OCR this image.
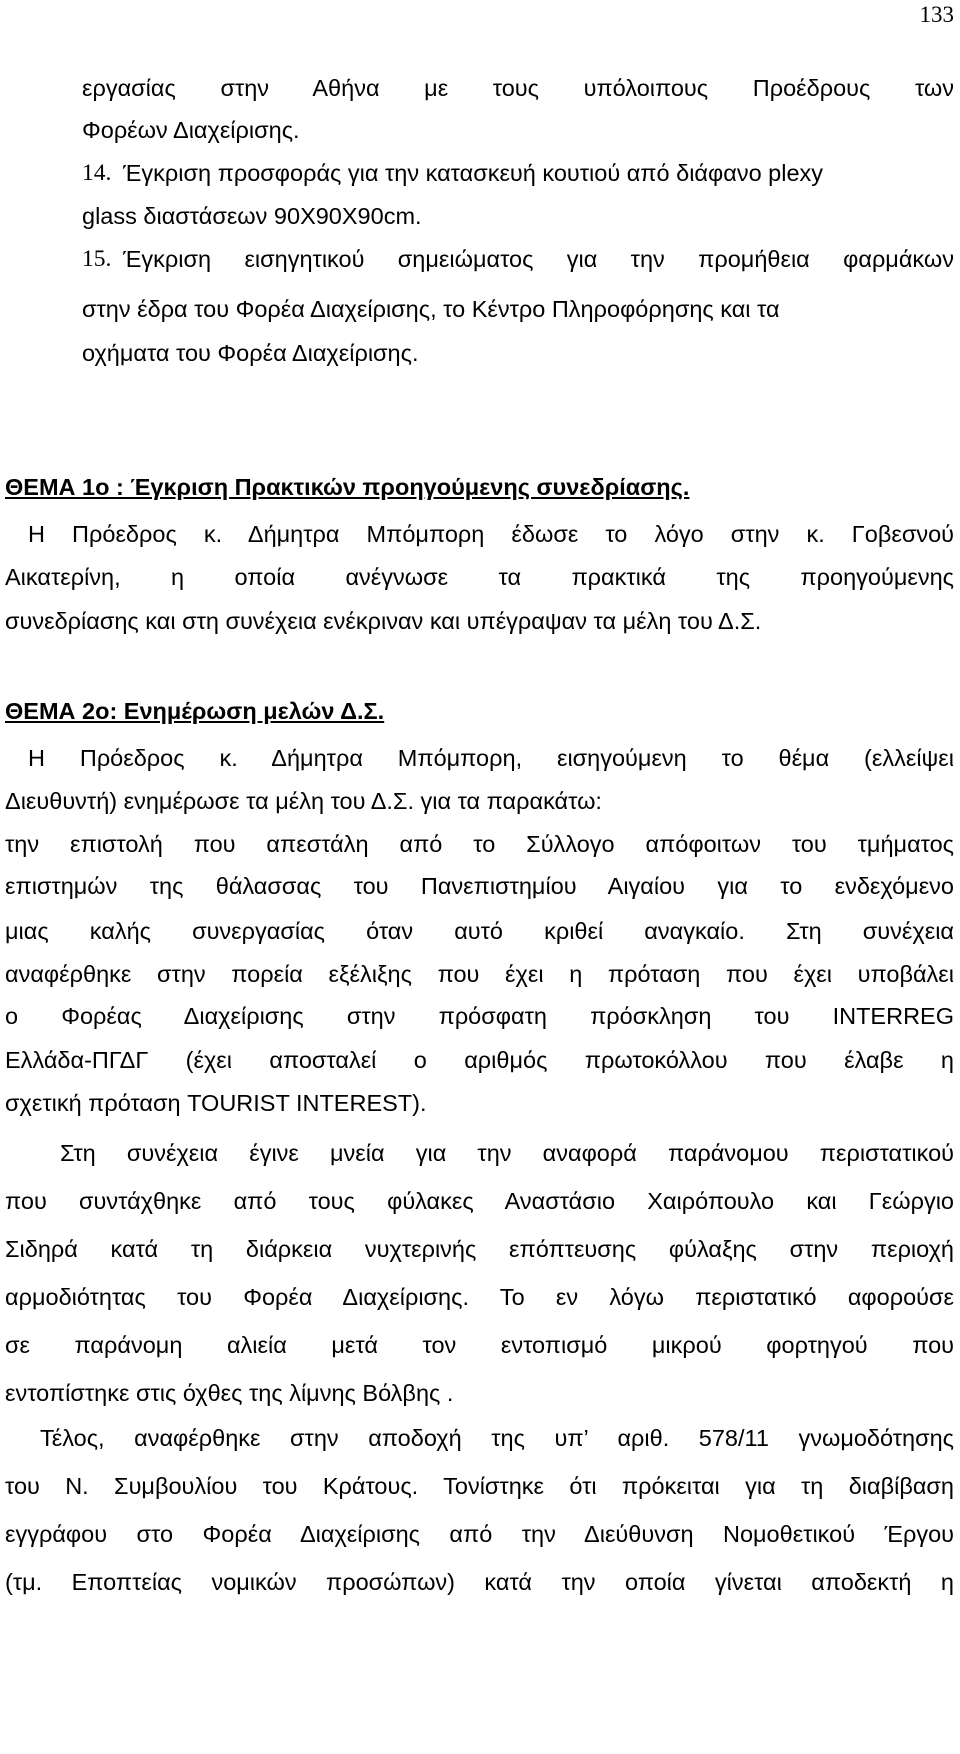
133
εργασίας στην Αθήνα με τους υπόλοιπους Προέδρους των
Φορέων Διαχείρισης.
14. Έγκριση προσφοράς για την κατασκευή κουτιού από διάφανο plexy
glass διαστάσεων 90Χ90Χ90cm.
15. Έγκριση εισηγητικού σημειώματος για την προμήθεια φαρμάκων
στην έδρα του Φορέα Διαχείρισης, το Κέντρο Πληροφόρησης και τα
οχήματα του Φορέα Διαχείρισης.
ΘΕΜΑ 1ο : Έγκριση Πρακτικών προηγούμενης συνεδρίασης.
Η Πρόεδρος κ. Δήμητρα Μπόμπορη έδωσε το λόγο στην κ. Γοβεσνού
Αικατερίνη, η οποία ανέγνωσε τα πρακτικά της προηγούμενης
συνεδρίασης και στη συνέχεια ενέκριναν και υπέγραψαν τα μέλη του Δ.Σ.
ΘΕΜΑ 2ο: Ενημέρωση μελών Δ.Σ.
Η Πρόεδρος κ. Δήμητρα Μπόμπορη, εισηγούμενη το θέμα (ελλείψει
Διευθυντή) ενημέρωσε τα μέλη του Δ.Σ. για τα παρακάτω:
την επιστολή που απεστάλη από το Σύλλογο απόφοιτων του τμήματος
επιστημών της θάλασσας του Πανεπιστημίου Αιγαίου για το ενδεχόμενο
μιας καλής συνεργασίας όταν αυτό κριθεί αναγκαίο. Στη συνέχεια
αναφέρθηκε στην πορεία εξέλιξης που έχει η πρόταση που έχει υποβάλει
ο Φορέας Διαχείρισης στην πρόσφατη πρόσκληση του INTERREG
Ελλάδα-ΠΓΔΓ (έχει αποσταλεί ο αριθμός πρωτοκόλλου που έλαβε η
σχετική πρόταση TOURIST INTEREST).
Στη συνέχεια έγινε μνεία για την αναφορά παράνομου περιστατικού
που συντάχθηκε από τους φύλακες Αναστάσιο Χαιρόπουλο και Γεώργιο
Σιδηρά κατά τη διάρκεια νυχτερινής επόπτευσης φύλαξης στην περιοχή
αρμοδιότητας του Φορέα Διαχείρισης. Το εν λόγω περιστατικό αφορούσε
σε παράνομη αλιεία μετά τον εντοπισμό μικρού φορτηγού που
εντοπίστηκε στις όχθες της λίμνης Βόλβης .
Τέλος, αναφέρθηκε στην αποδοχή της υπ’ αριθ. 578/11 γνωμοδότησης
του Ν. Συμβουλίου του Κράτους. Τονίστηκε ότι πρόκειται για τη διαβίβαση
εγγράφου στο Φορέα Διαχείρισης από την Διεύθυνση Νομοθετικού Έργου
(τμ. Εποπτείας νομικών προσώπων) κατά την οποία γίνεται αποδεκτή η
